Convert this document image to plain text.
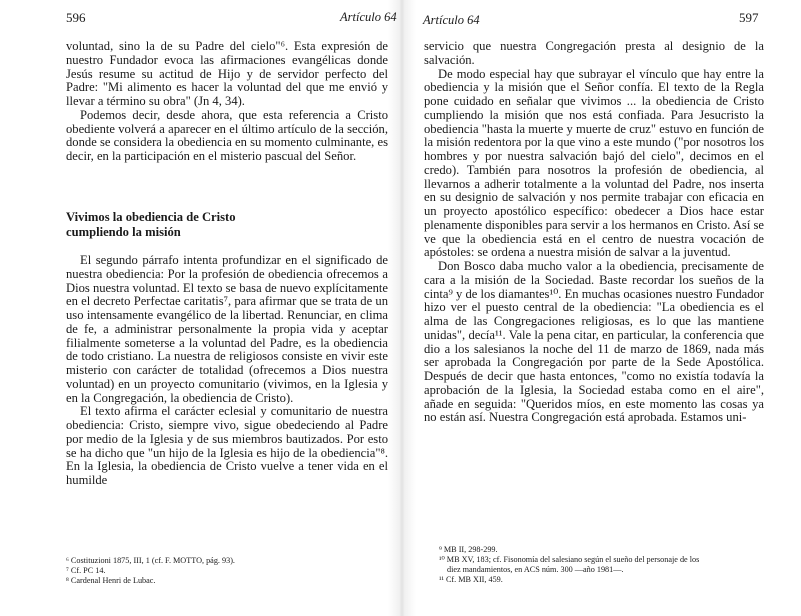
596	Artículo 64

voluntad, sino la de su Padre del cielo"⁶. Esta expresión de nuestro Fundador evoca las afirmaciones evangélicas donde Jesús resume su actitud de Hijo y de servidor perfecto del Padre: "Mi alimento es hacer la voluntad del que me envió y llevar a término su obra" (Jn 4, 34).

Podemos decir, desde ahora, que esta referencia a Cristo obediente volverá a aparecer en el último artículo de la sección, donde se considera la obediencia en su momento culminante, es decir, en la participación en el misterio pascual del Señor.

Vivimos la obediencia de Cristo
cumpliendo la misión

El segundo párrafo intenta profundizar en el significado de nuestra obediencia: Por la profesión de obediencia ofrecemos a Dios nuestra voluntad. El texto se basa de nuevo explícitamente en el decreto Perfectae caritatis⁷, para afirmar que se trata de un uso intensamente evangélico de la libertad. Renunciar, en clima de fe, a administrar personalmente la propia vida y aceptar filialmente someterse a la voluntad del Padre, es la obediencia de todo cristiano. La nuestra de religiosos consiste en vivir este misterio con carácter de totalidad (ofrecemos a Dios nuestra voluntad) en un proyecto comunitario (vivimos, en la Iglesia y en la Congregación, la obediencia de Cristo).

El texto afirma el carácter eclesial y comunitario de nuestra obediencia: Cristo, siempre vivo, sigue obedeciendo al Padre por medio de la Iglesia y de sus miembros bautizados. Por esto se ha dicho que "un hijo de la Iglesia es hijo de la obediencia"⁸. En la Iglesia, la obediencia de Cristo vuelve a tener vida en el humilde

⁶ Costituzioni 1875, III, 1 (cf. F. MOTTO, pág. 93).
⁷ Cf. PC 14.
⁸ Cardenal Henri de Lubac.
Artículo 64	597

servicio que nuestra Congregación presta al designio de la salvación.

De modo especial hay que subrayar el vínculo que hay entre la obediencia y la misión que el Señor confía. El texto de la Regla pone cuidado en señalar que vivimos ... la obediencia de Cristo cumpliendo la misión que nos está confiada. Para Jesucristo la obediencia "hasta la muerte y muerte de cruz" estuvo en función de la misión redentora por la que vino a este mundo ("por nosotros los hombres y por nuestra salvación bajó del cielo", decimos en el credo). También para nosotros la profesión de obediencia, al llevarnos a adherir totalmente a la voluntad del Padre, nos inserta en su designio de salvación y nos permite trabajar con eficacia en un proyecto apostólico específico: obedecer a Dios hace estar plenamente disponibles para servir a los hermanos en Cristo. Así se ve que la obediencia está en el centro de nuestra vocación de apóstoles: se ordena a nuestra misión de salvar a la juventud.

Don Bosco daba mucho valor a la obediencia, precisamente de cara a la misión de la Sociedad. Baste recordar los sueños de la cinta⁹ y de los diamantes¹⁰. En muchas ocasiones nuestro Fundador hizo ver el puesto central de la obediencia: "La obediencia es el alma de las Congregaciones religiosas, es lo que las mantiene unidas", decía¹¹. Vale la pena citar, en particular, la conferencia que dio a los salesianos la noche del 11 de marzo de 1869, nada más ser aprobada la Congregación por parte de la Sede Apostólica. Después de decir que hasta entonces, "como no existía todavía la aprobación de la Iglesia, la Sociedad estaba como en el aire", añade en seguida: "Queridos míos, en este momento las cosas ya no están así. Nuestra Congregación está aprobada. Estamos uni-

⁹ MB II, 298-299.
¹⁰ MB XV, 183; cf. Fisonomía del salesiano según el sueño del personaje de los
diez mandamientos, en ACS núm. 300 —año 1981—.
¹¹ Cf. MB XII, 459.
